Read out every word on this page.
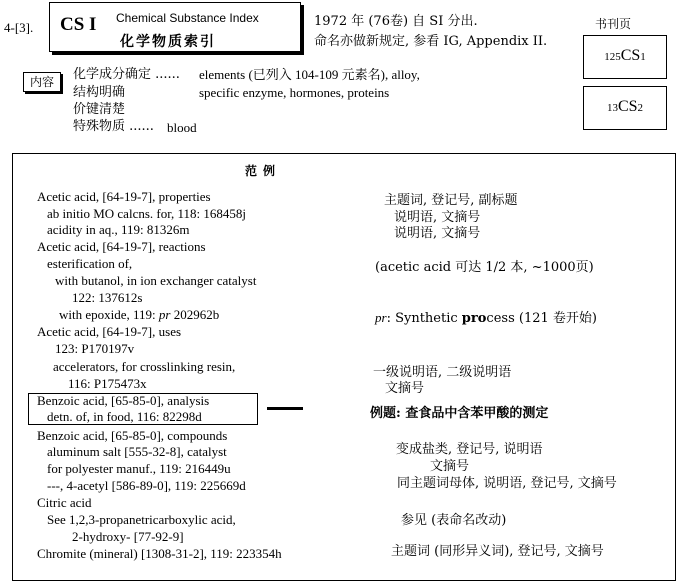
4-[3]. CS I Chemical Substance Index
化学物质索引
1972 年 (76卷) 自 SI 分出.
命名亦做新规定, 参看 IG, Appendix II.
书刊页
125CS1
13CS2
内容	化学成分确定 ......
结构明确
价键清楚
特殊物质 ......
elements (已列入 104-109 元素名), alloy,
specific enzyme, hormones, proteins
blood
范例
Acetic acid, [64-19-7], properties
ab initio MO calcns. for, 118: 168458j
acidity in aq., 119: 81326m
Acetic acid, [64-19-7], reactions
esterification of,
with butanol, in ion exchanger catalyst
122: 137612s
with epoxide, 119: pr 202962b
Acetic acid, [64-19-7], uses
123: P170197v
accelerators, for crosslinking resin,
116: P175473x
Benzoic acid, [65-85-0], analysis
detn. of, in food, 116: 82298d
Benzoic acid, [65-85-0], compounds
aluminum salt [555-32-8], catalyst
for polyester manuf., 119: 216449u
---, 4-acetyl [586-89-0], 119: 225669d
Citric acid
See 1,2,3-propanetricarboxylic acid,
2-hydroxy- [77-92-9]
Chromite (mineral) [1308-31-2], 119: 223354h
主题词, 登记号, 副标题
说明语, 文摘号
说明语, 文摘号
(acetic acid 可达 1/2 本, ~1000页)
pr: Synthetic process (121 卷开始)
一级说明语, 二级说明语
文摘号
例题: 查食品中含苯甲酸的测定
变成盐类, 登记号, 说明语
文摘号
同主题词母体, 说明语, 登记号, 文摘号
参见 (表命名改动)
主题词 (同形异义词), 登记号, 文摘号
